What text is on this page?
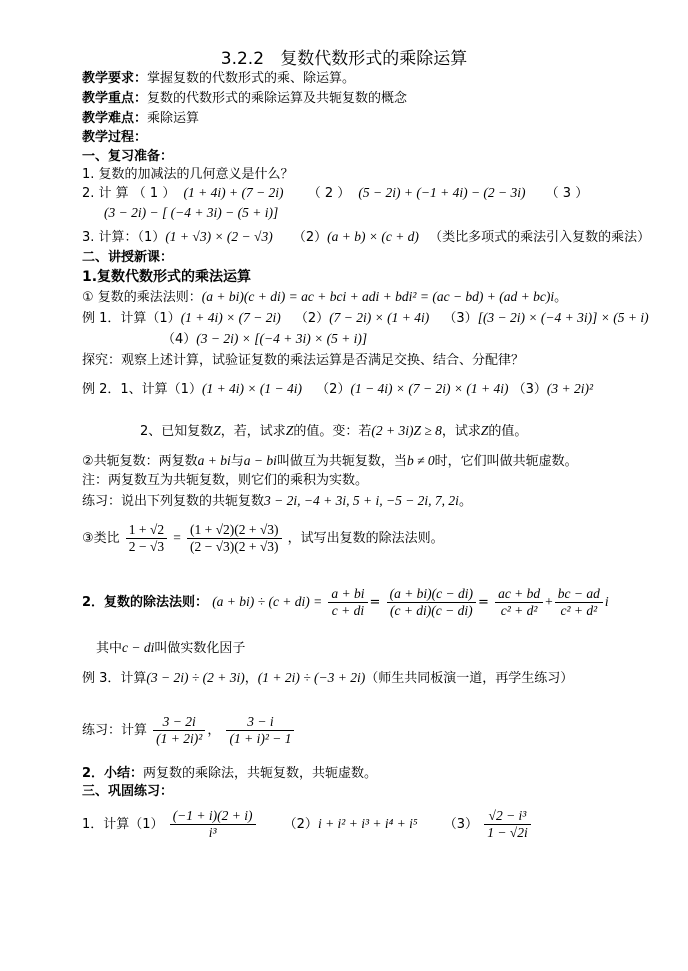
3.2.2 复数代数形式的乘除运算
教学要求：掌握复数的代数形式的乘、除运算。
教学重点：复数的代数形式的乘除运算及共轭复数的概念
教学难点：乘除运算
教学过程：
一、复习准备：
1. 复数的加减法的几何意义是什么？
2. 计 算 （ 1 ） (1 + 4i) + (7 − 2i) （ 2 ） (5 − 2i) + (−1 + 4i) − (2 − 3i) （ 3 ）
(3 − 2i) − [ (−4 + 3i) − (5 + i)]
3. 计算：（1）(1 + √3) × (2 − √3) （2）(a + b) × (c + d) （类比多项式的乘法引入复数的乘法）
二、讲授新课：
1.复数代数形式的乘法运算
① 复数的乘法法则：(a + bi)(c + di) = ac + bci + adi + bdi² = (ac − bd) + (ad + bc)i。
例 1．计算（1）(1 + 4i) × (7 − 2i) （2）(7 − 2i) × (1 + 4i) （3）[(3 − 2i) × (−4 + 3i)] × (5 + i)
（4）(3 − 2i) × [(−4 + 3i) × (5 + i)]
探究：观察上述计算，试验证复数的乘法运算是否满足交换、结合、分配律？
例 2．1、计算（1）(1 + 4i) × (1 − 4i) （2）(1 − 4i) × (7 − 2i) × (1 + 4i) （3）(3 + 2i)²
2、已知复数Z，若，试求Z的值。变：若(2 + 3i)Z ≥ 8，试求Z的值。
②共轭复数：两复数a + bi与a − bi叫做互为共轭复数，当b ≠ 0时，它们叫做共轭虚数。
注：两复数互为共轭复数，则它们的乘积为实数。
练习：说出下列复数的共轭复数3 − 2i, −4 + 3i, 5 + i, −5 − 2i, 7, 2i。
③类比 $\frac{1 + √2}{2 - √3} = \frac{(1 + √2)(2 + √3)}{(2 - √3)(2 + √3)}$ ，试写出复数的除法法则。
2．复数的除法法则： $(a + bi) \div (c + di) = \frac{a + bi}{c + di} = \frac{(a + bi)(c - di)}{(c + di)(c - di)} = \frac{ac + bd}{\text{c² + d²}} + \frac{bc - ad}{\text{c² + d²}}$ i
其中c − di叫做实数化因子
例 3．计算(3 − 2i) ÷ (2 + 3i)，(1 + 2i) ÷ (−3 + 2i)（师生共同板演一道，再学生练习）
练习：计算 $\frac{3 - 2i}{\text{(1 + 2i)²}}$ ， $\frac{3 - i}{\text{(1 + i)² − 1}}$
2．小结：两复数的乘除法，共轭复数，共轭虚数。
三、巩固练习：
1．计算$(1) \frac{(-1 + i)(2 + i)}{\text{i³}} (2)i + i^2 + i^3 + i^4 + i^5$ $(3) \frac{\text{√2 − i³}}{1 - √2i}$
